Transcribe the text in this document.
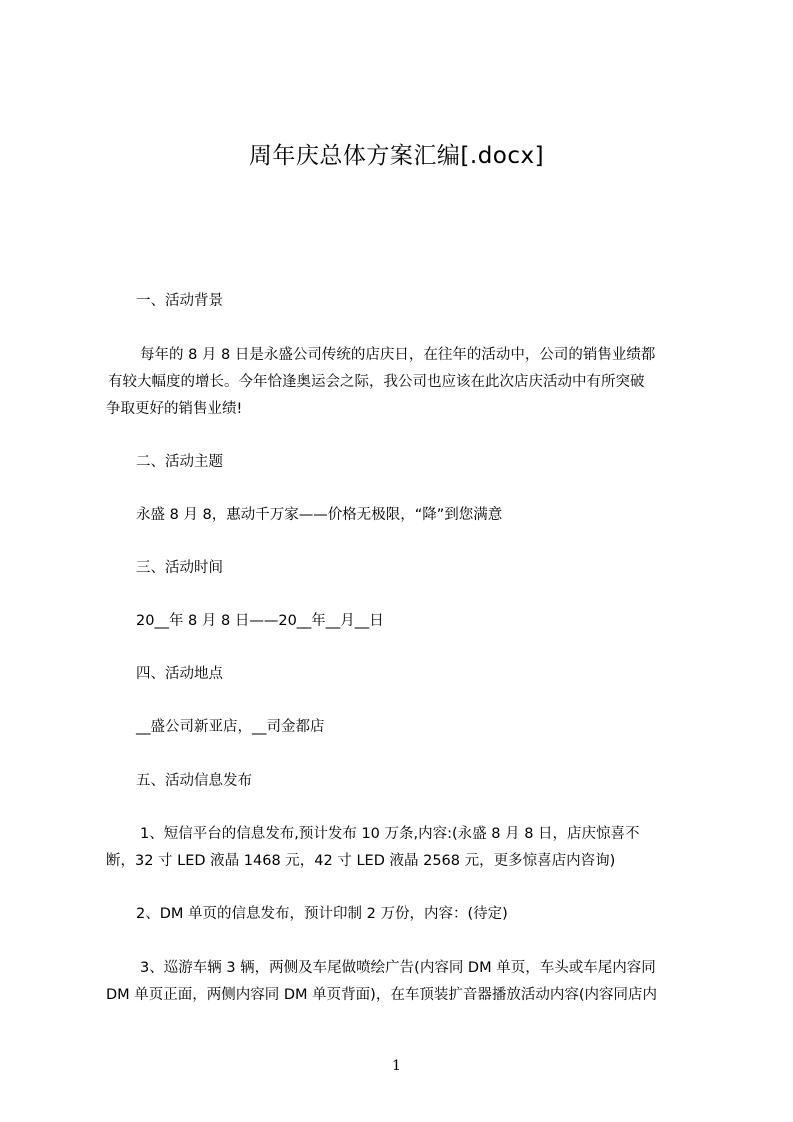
周年庆总体方案汇编[.docx]
一、活动背景
每年的 8 月 8 日是永盛公司传统的店庆日，在往年的活动中，公司的销售业绩都
有较大幅度的增长。今年恰逢奥运会之际，我公司也应该在此次店庆活动中有所突破
争取更好的销售业绩!
二、活动主题
永盛 8 月 8，惠动千万家——价格无极限，“降”到您满意
三、活动时间
20__年 8 月 8 日——20__年__月__日
四、活动地点
__盛公司新亚店，__司金都店
五、活动信息发布
1、短信平台的信息发布,预计发布 10 万条,内容:(永盛 8 月 8 日，店庆惊喜不
断，32 寸 LED 液晶 1468 元，42 寸 LED 液晶 2568 元，更多惊喜店内咨询)
2、DM 单页的信息发布，预计印制 2 万份，内容：(待定)
3、巡游车辆 3 辆，两侧及车尾做喷绘广告(内容同 DM 单页，车头或车尾内容同
DM 单页正面，两侧内容同 DM 单页背面)，在车顶装扩音器播放活动内容(内容同店内
1
